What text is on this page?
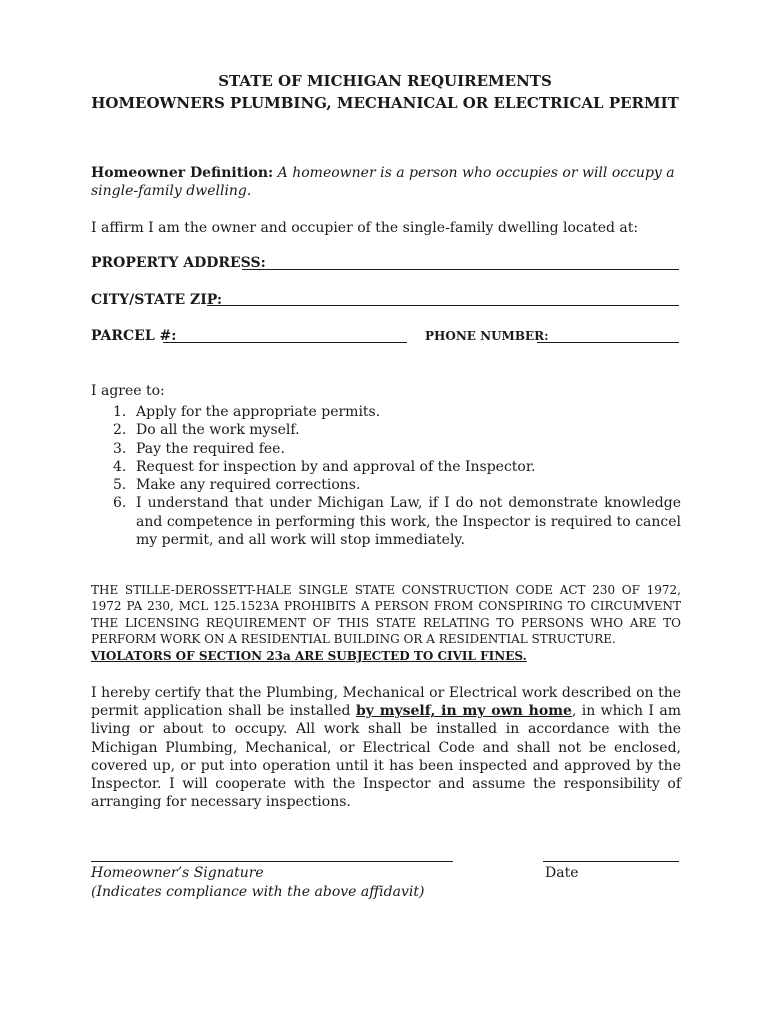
STATE OF MICHIGAN REQUIREMENTS
HOMEOWNERS PLUMBING, MECHANICAL OR ELECTRICAL PERMIT
Homeowner Definition: A homeowner is a person who occupies or will occupy a single-family dwelling.
I affirm I am the owner and occupier of the single-family dwelling located at:
PROPERTY ADDRESS:
CITY/STATE ZIP:
PARCEL #:	PHONE NUMBER:
I agree to:
1. Apply for the appropriate permits.
2. Do all the work myself.
3. Pay the required fee.
4. Request for inspection by and approval of the Inspector.
5. Make any required corrections.
6. I understand that under Michigan Law, if I do not demonstrate knowledge and competence in performing this work, the Inspector is required to cancel my permit, and all work will stop immediately.
THE STILLE-DEROSSETT-HALE SINGLE STATE CONSTRUCTION CODE ACT 230 OF 1972, 1972 PA 230, MCL 125.1523A PROHIBITS A PERSON FROM CONSPIRING TO CIRCUMVENT THE LICENSING REQUIREMENT OF THIS STATE RELATING TO PERSONS WHO ARE TO PERFORM WORK ON A RESIDENTIAL BUILDING OR A RESIDENTIAL STRUCTURE.
VIOLATORS OF SECTION 23a ARE SUBJECTED TO CIVIL FINES.
I hereby certify that the Plumbing, Mechanical or Electrical work described on the permit application shall be installed by myself, in my own home, in which I am living or about to occupy. All work shall be installed in accordance with the Michigan Plumbing, Mechanical, or Electrical Code and shall not be enclosed, covered up, or put into operation until it has been inspected and approved by the Inspector. I will cooperate with the Inspector and assume the responsibility of arranging for necessary inspections.
Homeowner’s Signature
(Indicates compliance with the above affidavit)
Date
